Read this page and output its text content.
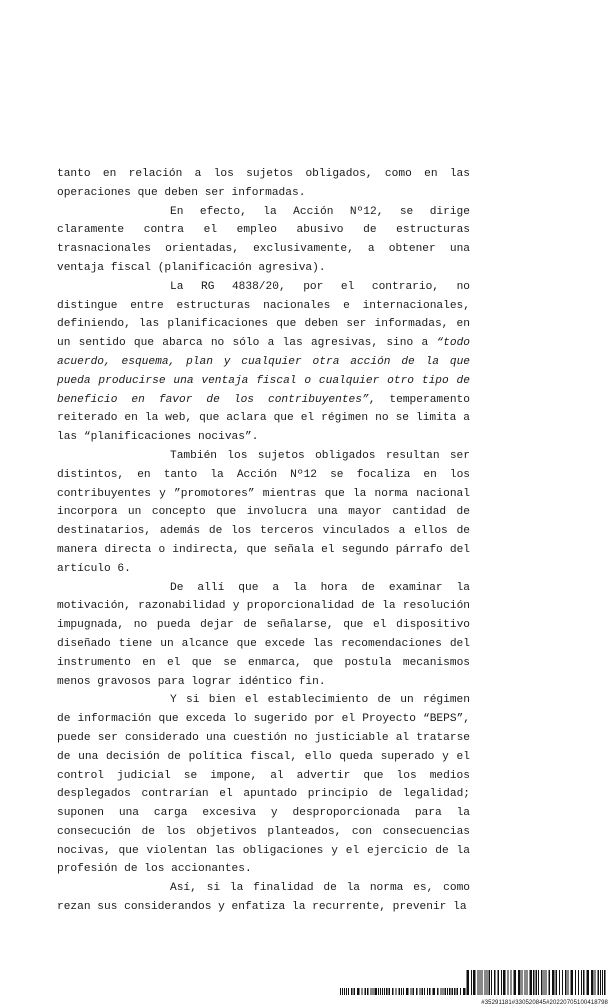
tanto en relación a los sujetos obligados, como en las operaciones que deben ser informadas.

En efecto, la Acción Nº12, se dirige claramente contra el empleo abusivo de estructuras trasnacionales orientadas, exclusivamente, a obtener una ventaja fiscal (planificación agresiva).

La RG 4838/20, por el contrario, no distingue entre estructuras nacionales e internacionales, definiendo, las planificaciones que deben ser informadas, en un sentido que abarca no sólo a las agresivas, sino a “todo acuerdo, esquema, plan y cualquier otra acción de la que pueda producirse una ventaja fiscal o cualquier otro tipo de beneficio en favor de los contribuyentes”, temperamento reiterado en la web, que aclara que el régimen no se limita a las “planificaciones nocivas”.

También los sujetos obligados resultan ser distintos, en tanto la Acción Nº12 se focaliza en los contribuyentes y ”promotores” mientras que la norma nacional incorpora un concepto que involucra una mayor cantidad de destinatarios, además de los terceros vinculados a ellos de manera directa o indirecta, que señala el segundo párrafo del artículo 6.

De allí que a la hora de examinar la motivación, razonabilidad y proporcionalidad de la resolución impugnada, no pueda dejar de señalarse, que el dispositivo diseñado tiene un alcance que excede las recomendaciones del instrumento en el que se enmarca, que postula mecanismos menos gravosos para lograr idéntico fin.

Y si bien el establecimiento de un régimen de información que exceda lo sugerido por el Proyecto “BEPS”, puede ser considerado una cuestión no justiciable al tratarse de una decisión de política fiscal, ello queda superado y el control judicial se impone, al advertir que los medios desplegados contrarían el apuntado principio de legalidad; suponen una carga excesiva y desproporcionada para la consecución de los objetivos planteados, con consecuencias nocivas, que violentan las obligaciones y el ejercicio de la profesión de los accionantes.

Así, si la finalidad de la norma es, como rezan sus considerandos y enfatiza la recurrente, prevenir la

#35291181#330520845#20220705100418798
